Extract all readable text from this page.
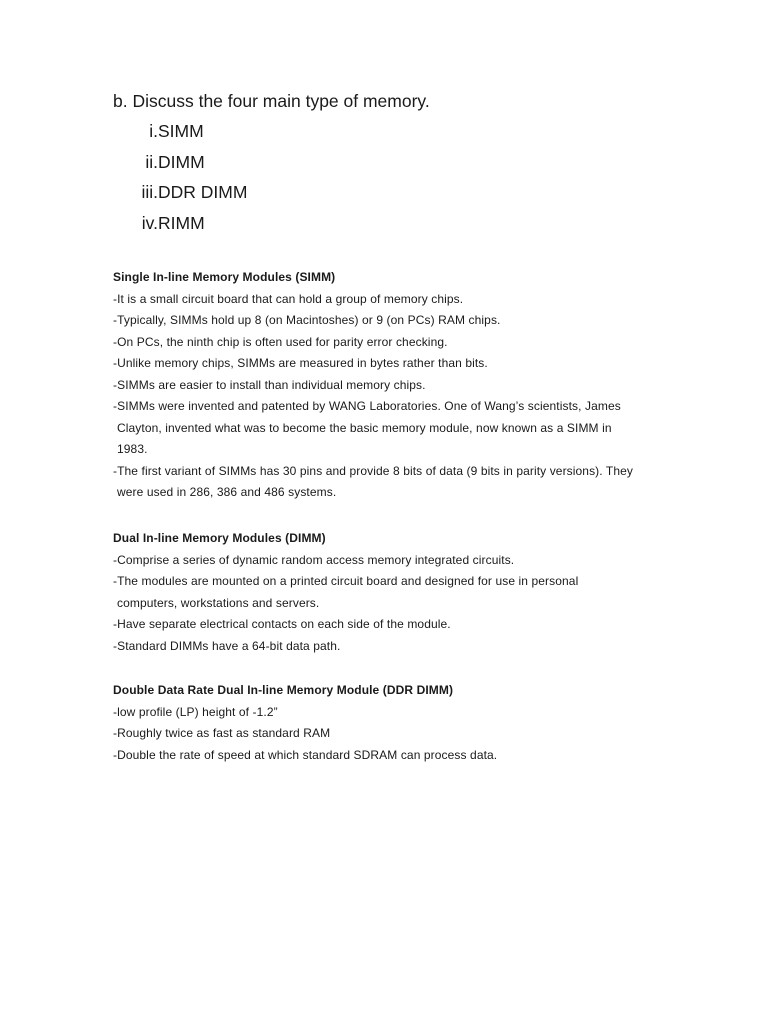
b. Discuss the four main type of memory.

i. SIMM
ii. DIMM
iii. DDR DIMM
iv. RIMM

Single In-line Memory Modules (SIMM)

-It is a small circuit board that can hold a group of memory chips.

-Typically, SIMMs hold up 8 (on Macintoshes) or 9 (on PCs) RAM chips.

-On PCs, the ninth chip is often used for parity error checking.

-Unlike memory chips, SIMMs are measured in bytes rather than bits.

-SIMMs are easier to install than individual memory chips.

-SIMMs were invented and patented by WANG Laboratories. One of Wang’s scientists, James

Clayton, invented what was to become the basic memory module, now known as a SIMM in

1983.

-The first variant of SIMMs has 30 pins and provide 8 bits of data (9 bits in parity versions). They

were used in 286, 386 and 486 systems.

Dual In-line Memory Modules (DIMM)

-Comprise a series of dynamic random access memory integrated circuits.

-The modules are mounted on a printed circuit board and designed for use in personal

computers, workstations and servers.

-Have separate electrical contacts on each side of the module.

-Standard DIMMs have a 64-bit data path.

Double Data Rate Dual In-line Memory Module (DDR DIMM)

-low profile (LP) height of -1.2”

-Roughly twice as fast as standard RAM

-Double the rate of speed at which standard SDRAM can process data.
